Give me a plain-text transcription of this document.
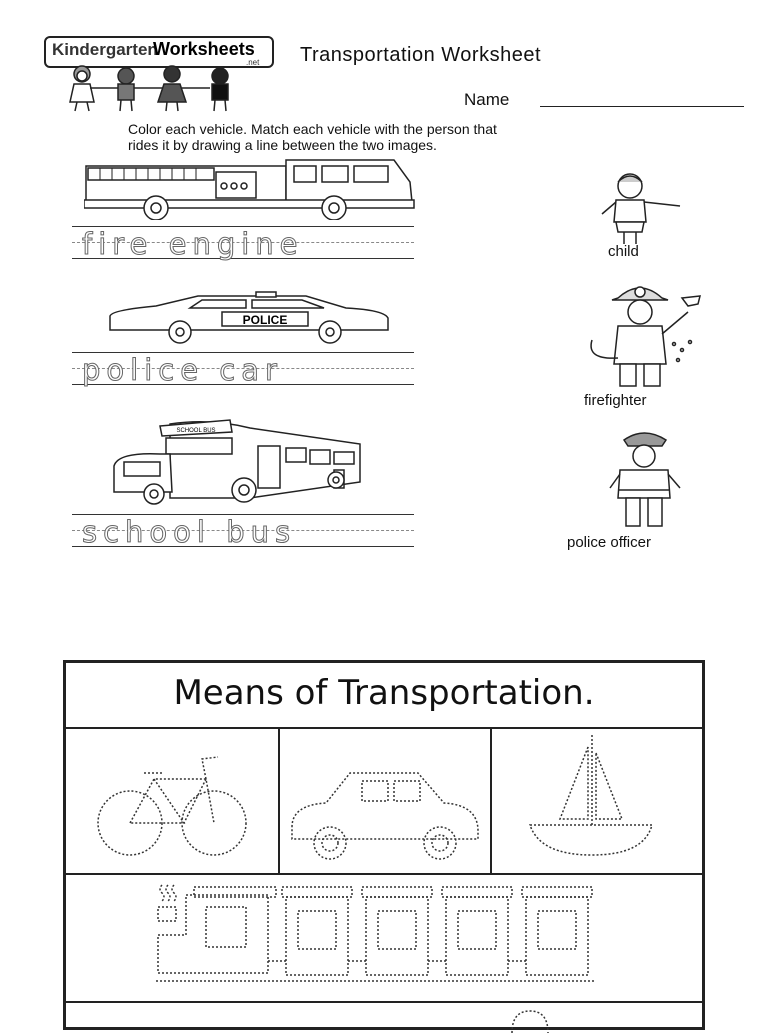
Kindergarten
Worksheets
.net Transportation Worksheet
Name
Color each vehicle. Match each vehicle with the person that
rides it by drawing a line between the two images.
fire engine
POLICE
police car
SCHOOL BUS
school bus
child
firefighter
police officer
Means of Transportation.
